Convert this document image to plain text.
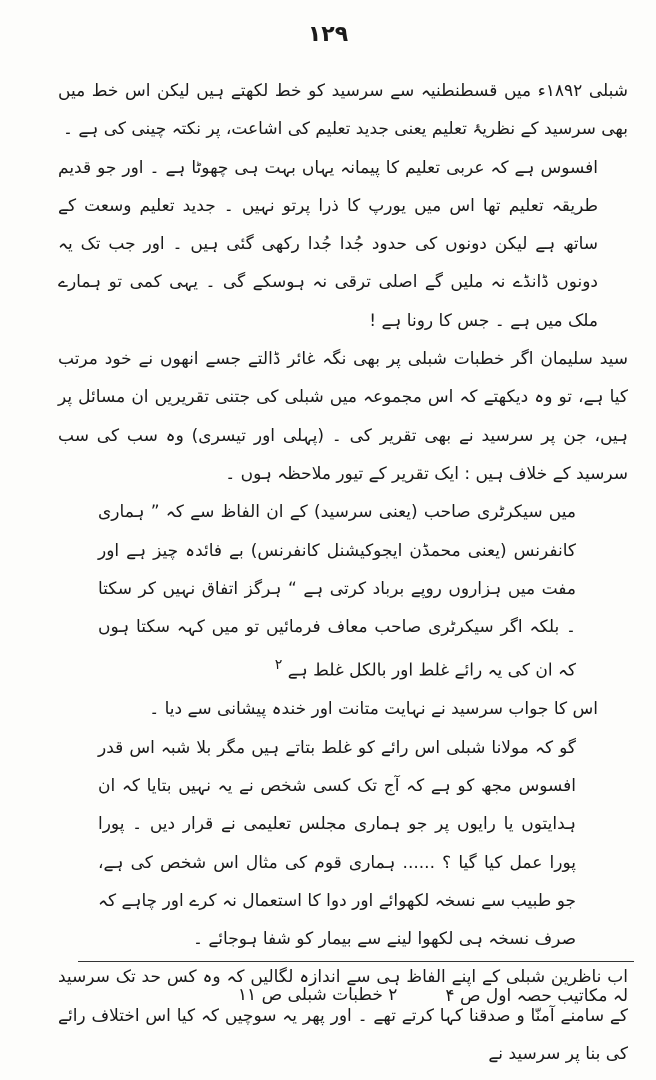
۱۲۹

شبلی ۱۸۹۲ء میں قسطنطنیہ سے سرسید کو خط لکھتے ہیں لیکن اس خط میں بھی سرسید کے نظریۂ تعلیم یعنی جدید تعلیم کی اشاعت، پر نکتہ چینی کی ہے ۔

افسوس ہے کہ عربی تعلیم کا پیمانہ یہاں بہت ہی چھوٹا ہے ۔ اور جو قدیم طریقہ تعلیم تھا اس میں یورپ کا ذرا پرتو نہیں ۔ جدید تعلیم وسعت کے ساتھ ہے لیکن دونوں کی حدود جُدا جُدا رکھی گئی ہیں ۔ اور جب تک یہ دونوں ڈانڈے نہ ملیں گے اصلی ترقی نہ ہوسکے گی ۔ یہی کمی تو ہمارے ملک میں ہے ۔ جس کا رونا ہے !

سید سلیمان اگر خطبات شبلی پر بھی نگہ غائر ڈالتے جسے انھوں نے خود مرتب کیا ہے، تو وہ دیکھتے کہ اس مجموعہ میں شبلی کی جتنی تقریریں ان مسائل پر ہیں، جن پر سرسید نے بھی تقریر کی ۔ (پہلی اور تیسری) وہ سب کی سب سرسید کے خلاف ہیں : ایک تقریر کے تیور ملاحظہ ہوں ۔

میں سیکرٹری صاحب (یعنی سرسید) کے ان الفاظ سے کہ ” ہماری کانفرنس (یعنی محمڈن ایجوکیشنل کانفرنس) بے فائدہ چیز ہے اور مفت میں ہزاروں روپے برباد کرتی ہے “ ہرگز اتفاق نہیں کر سکتا ۔ بلکہ اگر سیکرٹری صاحب معاف فرمائیں تو میں کہہ سکتا ہوں کہ ان کی یہ رائے غلط اور بالکل غلط ہے $^۲$

اس کا جواب سرسید نے نہایت متانت اور خندہ پیشانی سے دیا ۔

گو کہ مولانا شبلی اس رائے کو غلط بتاتے ہیں مگر بلا شبہ اس قدر افسوس مجھ کو ہے کہ آج تک کسی شخص نے یہ نہیں بتایا کہ ان ہدایتوں یا رایوں پر جو ہماری مجلس تعلیمی نے قرار دیں ۔ پورا پورا عمل کیا گیا ؟ ...... ہماری قوم کی مثال اس شخص کی ہے، جو طبیب سے نسخہ لکھوائے اور دوا کا استعمال نہ کرے اور چاہے کہ صرف نسخہ ہی لکھوا لینے سے بیمار کو شفا ہوجائے ۔

اب ناظرین شبلی کے اپنے الفاظ ہی سے اندازہ لگالیں کہ وہ کس حد تک سرسید کے سامنے آمنّا و صدقنا کہا کرتے تھے ۔ اور پھر یہ سوچیں کہ کیا اس اختلاف رائے کی بنا پر سرسید نے

لہ مکاتیب حصہ اول ص ۴
۲ خطبات شبلی ص ۱۱
